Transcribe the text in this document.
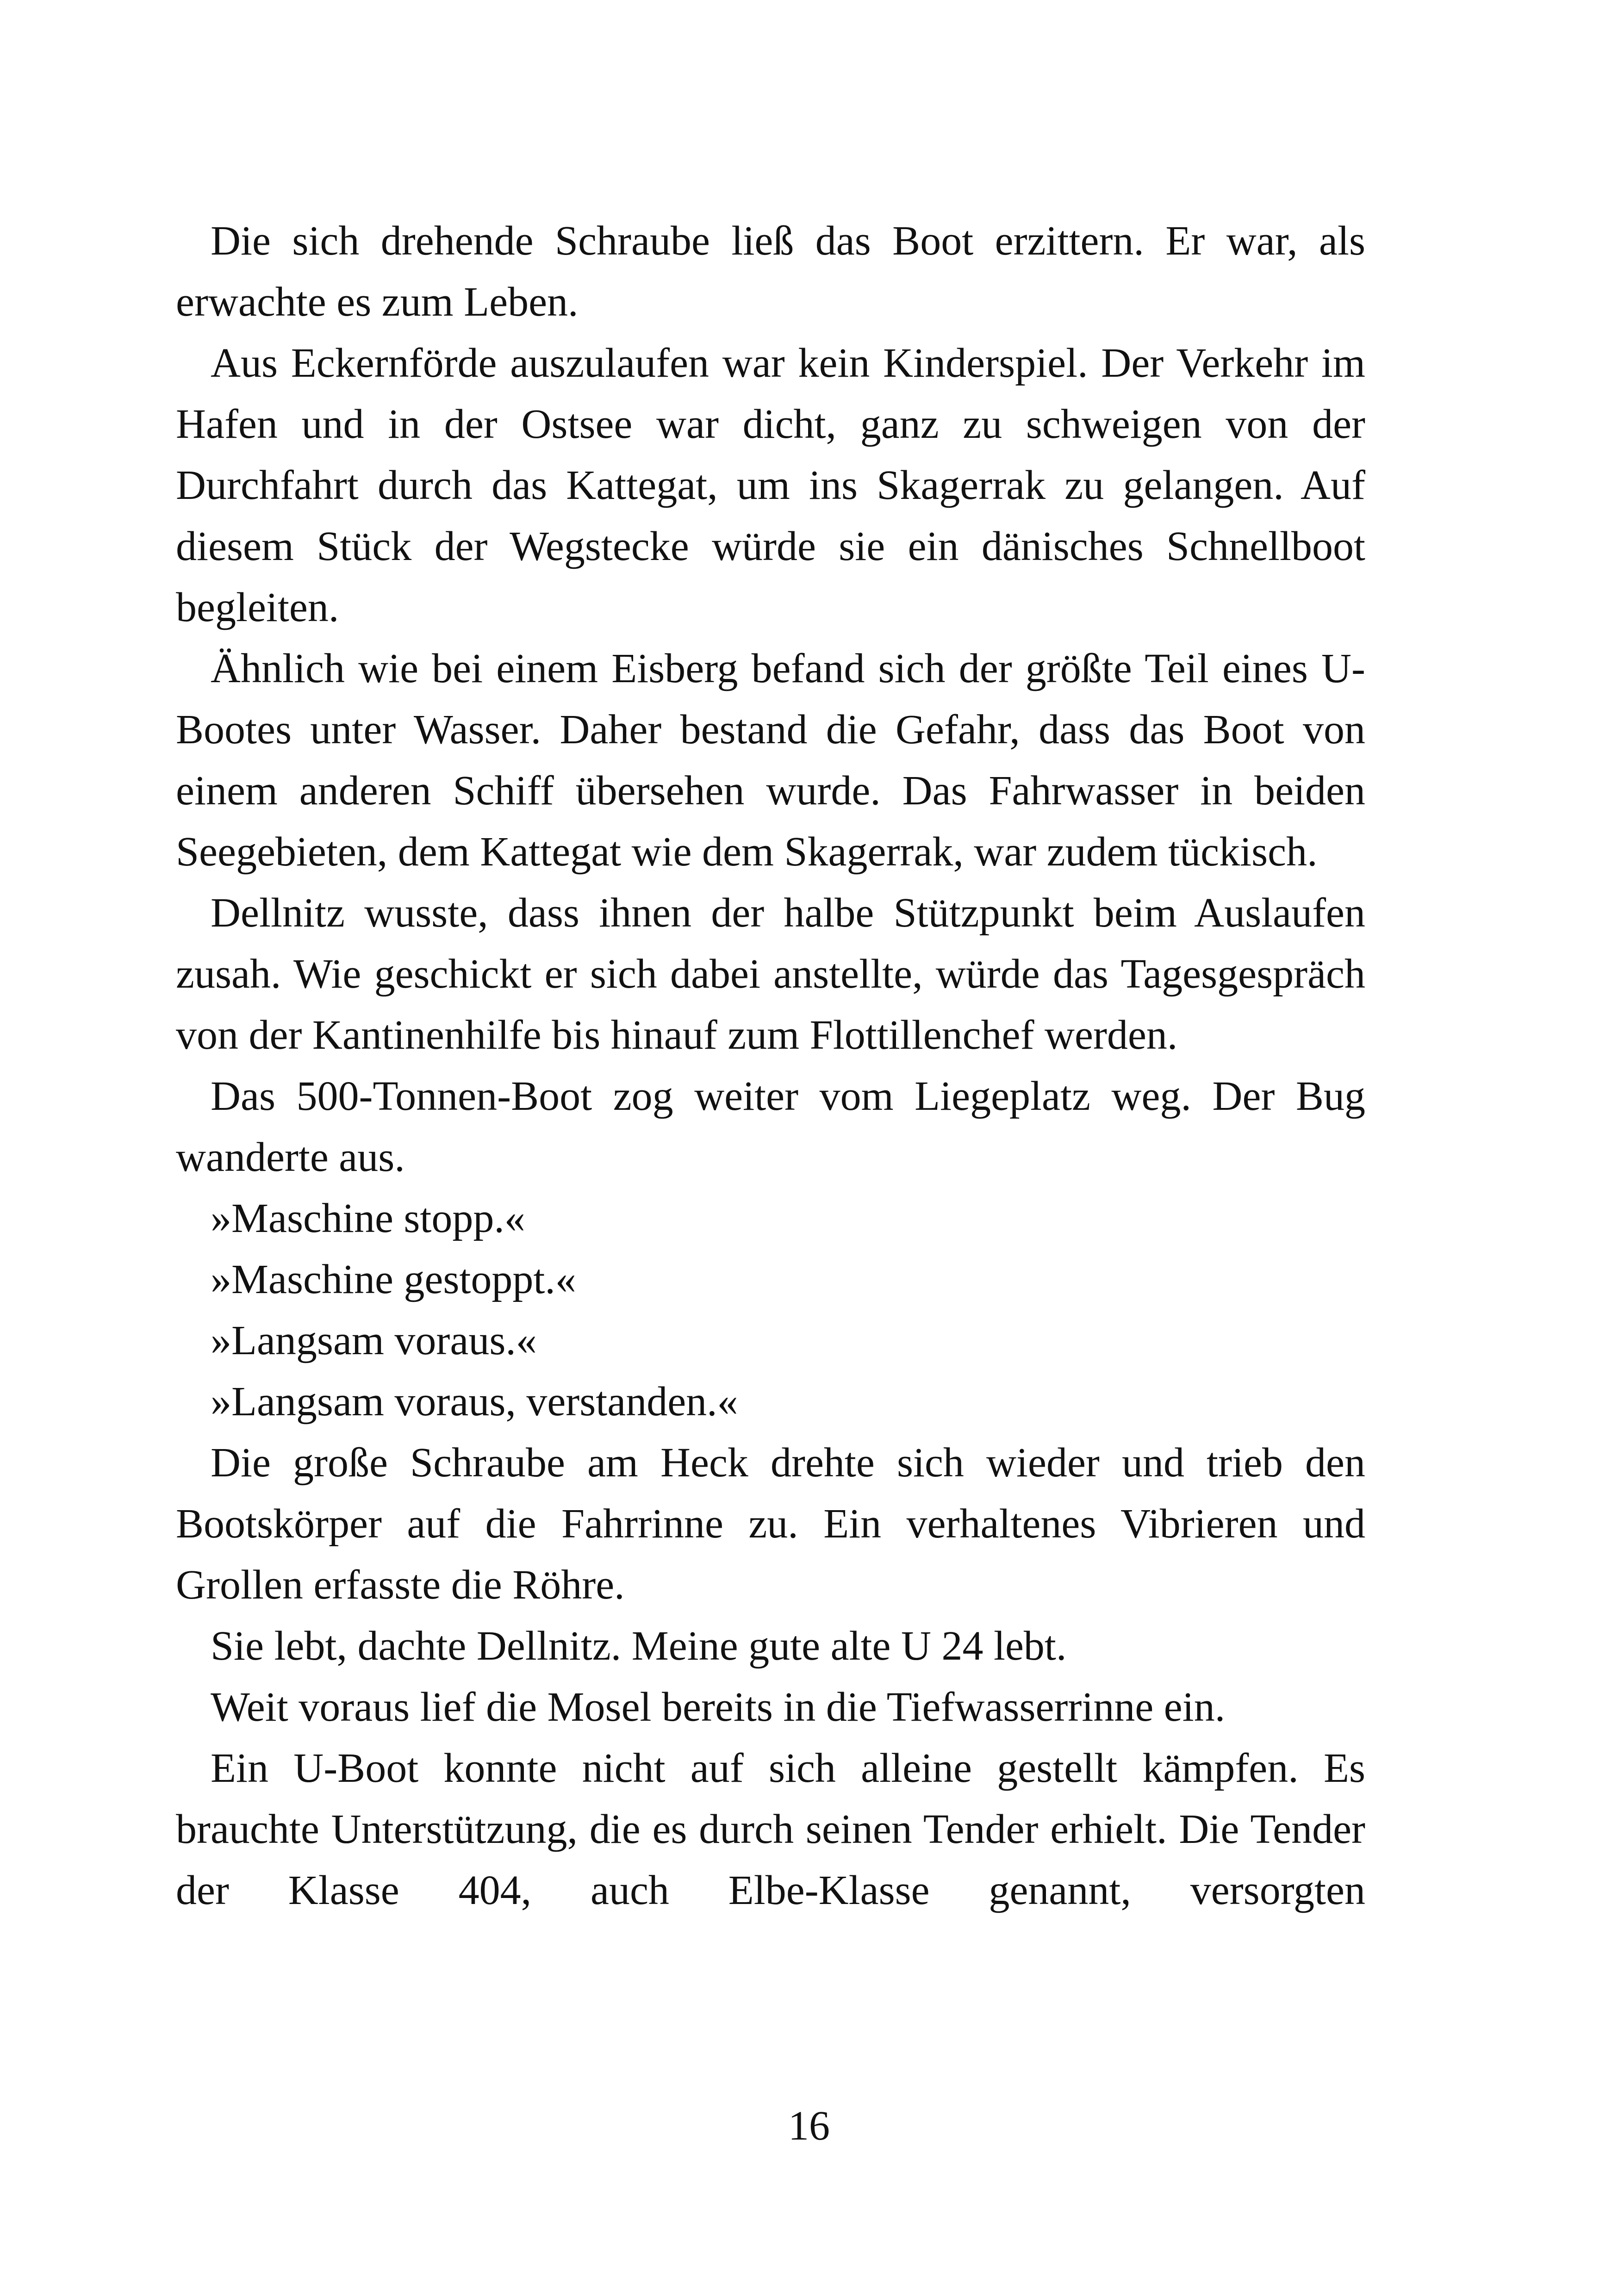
Die sich drehende Schraube ließ das Boot erzittern. Er war, als erwachte es zum Leben.

Aus Eckernförde auszulaufen war kein Kinderspiel. Der Verkehr im Hafen und in der Ostsee war dicht, ganz zu schweigen von der Durchfahrt durch das Kattegat, um ins Skagerrak zu gelangen. Auf diesem Stück der Wegstecke würde sie ein dänisches Schnellboot begleiten.

Ähnlich wie bei einem Eisberg befand sich der größte Teil eines U-Bootes unter Wasser. Daher bestand die Gefahr, dass das Boot von einem anderen Schiff übersehen wurde. Das Fahrwasser in beiden Seegebieten, dem Kattegat wie dem Skagerrak, war zudem tückisch.

Dellnitz wusste, dass ihnen der halbe Stützpunkt beim Auslaufen zusah. Wie geschickt er sich dabei anstellte, würde das Tagesgespräch von der Kantinenhilfe bis hinauf zum Flottillenchef werden.

Das 500-Tonnen-Boot zog weiter vom Liegeplatz weg. Der Bug wanderte aus.

»Maschine stopp.«

»Maschine gestoppt.«

»Langsam voraus.«

»Langsam voraus, verstanden.«

Die große Schraube am Heck drehte sich wieder und trieb den Bootskörper auf die Fahrrinne zu. Ein verhaltenes Vibrieren und Grollen erfasste die Röhre.

Sie lebt, dachte Dellnitz. Meine gute alte U 24 lebt.

Weit voraus lief die Mosel bereits in die Tiefwasserrinne ein.

Ein U-Boot konnte nicht auf sich alleine gestellt kämpfen. Es brauchte Unterstützung, die es durch seinen Tender erhielt. Die Tender der Klasse 404, auch Elbe-Klasse genannt, versorgten

16
